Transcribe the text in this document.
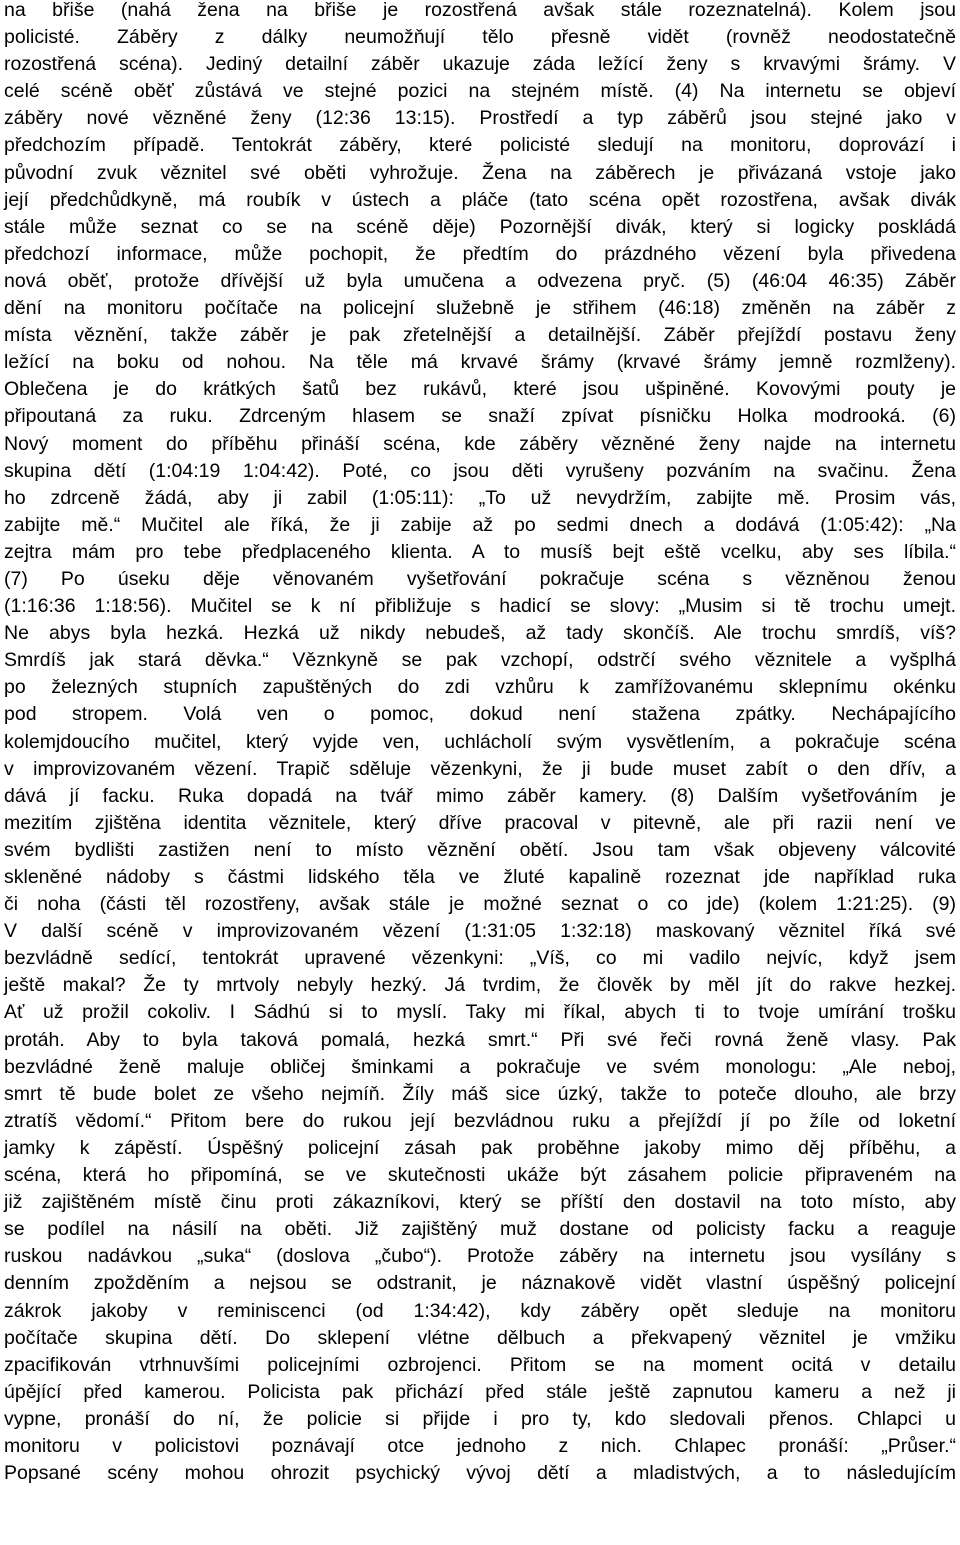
na břiše (nahá žena na břiše je rozostřená avšak stále rozeznatelná). Kolem jsou
policisté. Záběry z dálky neumožňují tělo přesně vidět (rovněž neodostatečně
rozostřená scéna). Jediný detailní záběr ukazuje záda ležící ženy s krvavými šrámy. V
celé scéně oběť zůstává ve stejné pozici na stejném místě. (4) Na internetu se objeví
záběry nové vězněné ženy (12:36 13:15). Prostředí a typ záběrů jsou stejné jako v
předchozím případě. Tentokrát záběry, které policisté sledují na monitoru, doprovází i
původní zvuk věznitel své oběti vyhrožuje. Žena na záběrech je přivázaná vstoje jako
její předchůdkyně, má roubík v ústech a pláče (tato scéna opět rozostřena, avšak divák
stále může seznat co se na scéně děje) Pozornější divák, který si logicky poskládá
předchozí informace, může pochopit, že předtím do prázdného vězení byla přivedena
nová oběť, protože dřívější už byla umučena a odvezena pryč. (5) (46:04 46:35) Záběr
dění na monitoru počítače na policejní služebně je střihem (46:18) změněn na záběr z
místa věznění, takže záběr je pak zřetelnější a detailnější. Záběr přejíždí postavu ženy
ležící na boku od nohou. Na těle má krvavé šrámy (krvavé šrámy jemně rozmlženy).
Oblečena je do krátkých šatů bez rukávů, které jsou ušpiněné. Kovovými pouty je
připoutaná za ruku. Zdrceným hlasem se snaží zpívat písničku Holka modrooká. (6)
Nový moment do příběhu přináší scéna, kde záběry vězněné ženy najde na internetu
skupina dětí (1:04:19 1:04:42). Poté, co jsou děti vyrušeny pozváním na svačinu. Žena
ho zdrceně žádá, aby ji zabil (1:05:11): „To už nevydržím, zabijte mě. Prosim vás,
zabijte mě.“ Mučitel ale říká, že ji zabije až po sedmi dnech a dodává (1:05:42): „Na
zejtra mám pro tebe předplaceného klienta. A to musíš bejt eště vcelku, aby ses líbila.“
(7) Po úseku děje věnovaném vyšetřování pokračuje scéna s vězněnou ženou
(1:16:36 1:18:56). Mučitel se k ní přibližuje s hadicí se slovy: „Musim si tě trochu umejt.
Ne abys byla hezká. Hezká už nikdy nebudeš, až tady skončíš. Ale trochu smrdíš, víš?
Smrdíš jak stará děvka.“ Věznkyně se pak vzchopí, odstrčí svého věznitele a vyšplhá
po železných stupních zapuštěných do zdi vzhůru k zamřížovanému sklepnímu okénku
pod stropem. Volá ven o pomoc, dokud není stažena zpátky. Nechápajícího
kolemjdoucího mučitel, který vyjde ven, uchlácholí svým vysvětlením, a pokračuje scéna
v improvizovaném vězení. Trapič sděluje vězenkyni, že ji bude muset zabít o den dřív, a
dává jí facku. Ruka dopadá na tvář mimo záběr kamery. (8) Dalším vyšetřováním je
mezitím zjištěna identita věznitele, který dříve pracoval v pitevně, ale při razii není ve
svém bydlišti zastižen není to místo věznění obětí. Jsou tam však objeveny válcovité
skleněné nádoby s částmi lidského těla ve žluté kapalině rozeznat jde například ruka
či noha (části těl rozostřeny, avšak stále je možné seznat o co jde) (kolem 1:21:25). (9)
V další scéně v improvizovaném vězení (1:31:05 1:32:18) maskovaný věznitel říká své
bezvládně sedící, tentokrát upravené vězenkyni: „Víš, co mi vadilo nejvíc, když jsem
ještě makal? Že ty mrtvoly nebyly hezký. Já tvrdim, že člověk by měl jít do rakve hezkej.
Ať už prožil cokoliv. I Sádhú si to myslí. Taky mi říkal, abych ti to tvoje umírání trošku
protáh. Aby to byla taková pomalá, hezká smrt.“ Při své řeči rovná ženě vlasy. Pak
bezvládné ženě maluje obličej šminkami a pokračuje ve svém monologu: „Ale neboj,
smrt tě bude bolet ze všeho nejmíň. Žíly máš sice úzký, takže to poteče dlouho, ale brzy
ztratíš vědomí.“ Přitom bere do rukou její bezvládnou ruku a přejíždí jí po žíle od loketní
jamky k zápěstí. Úspěšný policejní zásah pak proběhne jakoby mimo děj příběhu, a
scéna, která ho připomíná, se ve skutečnosti ukáže být zásahem policie připraveném na
již zajištěném místě činu proti zákazníkovi, který se příští den dostavil na toto místo, aby
se podílel na násilí na oběti. Již zajištěný muž dostane od policisty facku a reaguje
ruskou nadávkou „suka“ (doslova „čubo“). Protože záběry na internetu jsou vysílány s
denním zpožděním a nejsou se odstranit, je náznakově vidět vlastní úspěšný policejní
zákrok jakoby v reminiscenci (od 1:34:42), kdy záběry opět sleduje na monitoru
počítače skupina dětí. Do sklepení vlétne dělbuch a překvapený věznitel je vmžiku
zpacifikován vtrhnuvšími policejními ozbrojenci. Přitom se na moment ocitá v detailu
úpějící před kamerou. Policista pak přichází před stále ještě zapnutou kameru a než ji
vypne, pronáší do ní, že policie si přijde i pro ty, kdo sledovali přenos. Chlapci u
monitoru v policistovi poznávají otce jednoho z nich. Chlapec pronáší: „Průser.“
Popsané scény mohou ohrozit psychický vývoj dětí a mladistvých, a to následujícím
